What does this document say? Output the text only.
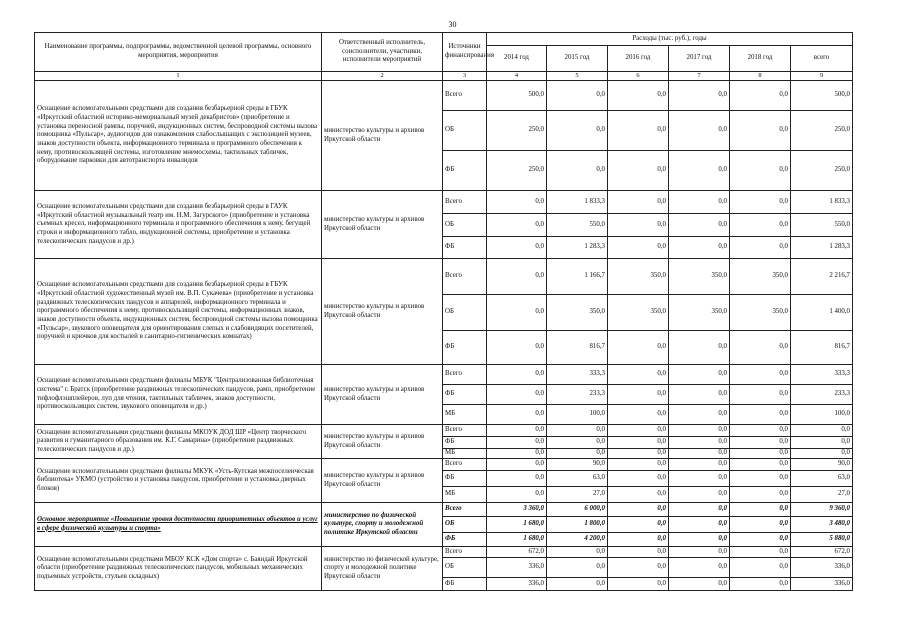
30
Наименование программы, подпрограммы, ведомственной целевой программы, основного мероприятия, мероприятия	Ответственный исполнитель, соисполнители, участники, исполнители мероприятий	Источники финансирования	Расходы (тыс. руб.), годы					
			2014 год	2015 год	2016 год	2017 год	2018 год	всего
1	2	3	4	5	6	7	8	9
Оснащение вспомогательными средствами для создания безбарьерной среды в ГБУК «Иркутский областной историко-мемориальный музей декабристов» (приобретение и установка переносной рампы, поручней, индукционных систем, беспроводной системы вызова помощника «Пульсар», аудиогидов для ознакомления слабослышащих с экспозицией музеев, знаков доступности объекта, информационного терминала и программного обеспечения к нему, противоскользящей системы, изготовление мнемосхемы, тактильных табличек, оборудование парковки для автотранспорта инвалидов	министерство культуры и архивов Иркутской области	Всего	500,0	0,0	0,0	0,0	0,0	500,0
		ОБ	250,0	0,0	0,0	0,0	0,0	250,0
		ФБ	250,0	0,0	0,0	0,0	0,0	250,0
Оснащение вспомогательными средствами для создания безбарьерной среды в ГАУК «Иркутский областной музыкальный театр им. Н.М. Загурского» (приобретение и установка съемных кресел, информационного терминала и программного обеспечения к нему, бегущей строки и информационного табло, индукционной системы, приобретение и установка телескопических пандусов и др.)	министерство культуры и архивов Иркутской области	Всего	0,0	1 833,3	0,0	0,0	0,0	1 833,3
		ОБ	0,0	550,0	0,0	0,0	0,0	550,0
		ФБ	0,0	1 283,3	0,0	0,0	0,0	1 283,3
Оснащение вспомогательными средствами для создания безбарьерной среды в ГБУК «Иркутский областной художественный музей им. В.П. Сукачева» (приобретение и установка раздвижных телескопических пандусов и аппарелей, информационного терминала и программного обеспечения к нему, противоскользящей системы, информационных знаков, знаков доступности объекта, индукционных систем, беспроводной системы вызова помощника «Пульсар», звукового оповещателя для ориентирования слепых и слабовидящих посетителей, поручней и крючков для костылей в санитарно-гигиенических комнатах)	министерство культуры и архивов Иркутской области	Всего	0,0	1 166,7	350,0	350,0	350,0	2 216,7
		ОБ	0,0	350,0	350,0	350,0	350,0	1 400,0
		ФБ	0,0	816,7	0,0	0,0	0,0	816,7
Оснащение вспомогательными средствами филиалы МБУК "Централизованная библиотечная система" г. Братск (приобретение раздвижных телескопических пандусов, рамп, приобретение тифлофлэшплейеров, луп для чтения, тактильных табличек, знаков доступности, противоскользящих систем, звукового оповещателя и др.)	министерство культуры и архивов Иркутской области	Всего	0,0	333,3	0,0	0,0	0,0	333,3
		ФБ	0,0	233,3	0,0	0,0	0,0	233,3
		МБ	0,0	100,0	0,0	0,0	0,0	100,0
Оснащение вспомогательными средствами филиалы МКОУК ДОД ШР «Центр творческого развития и гуманитарного образования им. К.Г. Самарина» (приобретение раздвижных телескопических пандусов и др.)	министерство культуры и архивов Иркутской области	Всего	0,0	0,0	0,0	0,0	0,0	0,0
		ФБ	0,0	0,0	0,0	0,0	0,0	0,0
		МБ	0,0	0,0	0,0	0,0	0,0	0,0
Оснащение вспомогательными средствами филиалы МКУК «Усть-Кутская межпоселенческая библиотека» УКМО (устройство и установка пандусов, приобретение и установка дверных блоков)	министерство культуры и архивов Иркутской области	Всего	0,0	90,0	0,0	0,0	0,0	90,0
		ФБ	0,0	63,0	0,0	0,0	0,0	63,0
		МБ	0,0	27,0	0,0	0,0	0,0	27,0
Основное мероприятие «Повышение уровня доступности приоритетных объектов и услуг в сфере физической культуры и спорта»	министерство по физической культуре, спорту и молодежной политике Иркутской области	Всего	3 360,0	6 000,0	0,0	0,0	0,0	9 360,0
		ОБ	1 680,0	1 800,0	0,0	0,0	0,0	3 480,0
		ФБ	1 680,0	4 200,0	0,0	0,0	0,0	5 880,0
Оснащение вспомогательными средствами МБОУ КСК «Дом спорта» с. Баяндай Иркутской области (приобретение раздвижных телескопических пандусов, мобильных механических подъемных устройств, стульев складных)	министерство по физической культуре, спорту и молодежной политике Иркутской области	Всего	672,0	0,0	0,0	0,0	0,0	672,0
		ОБ	336,0	0,0	0,0	0,0	0,0	336,0
		ФБ	336,0	0,0	0,0	0,0	0,0	336,0
